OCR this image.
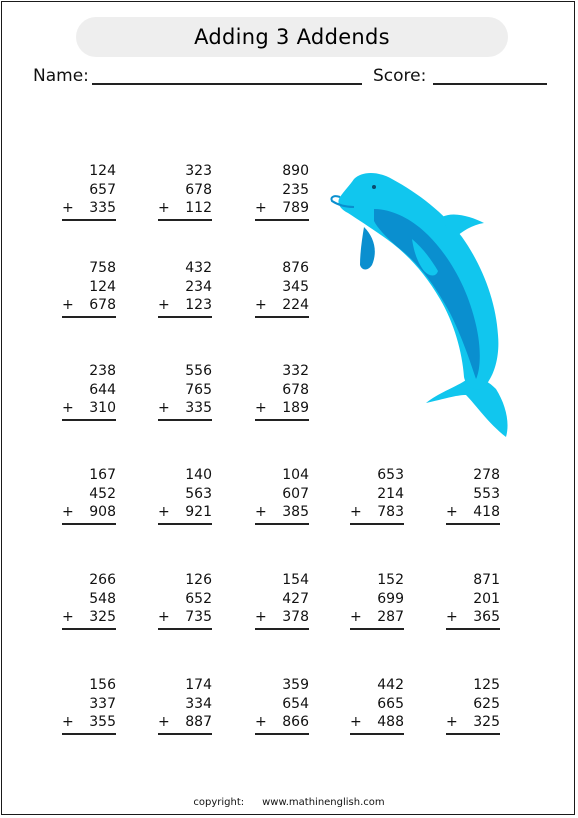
Adding 3 Addends
Name:	Score:
124
657
+ 335
323
678
+ 112
890
235
+ 789
758
124
+ 678
432
234
+ 123
876
345
+ 224
238
644
+ 310
556
765
+ 335
332
678
+ 189
167
452
+ 908
140
563
+ 921
104
607
+ 385
653
214
+ 783
278
553
+ 418
266
548
+ 325
126
652
+ 735
154
427
+ 378
152
699
+ 287
871
201
+ 365
156
337
+ 355
174
334
+ 887
359
654
+ 866
442
665
+ 488
125
625
+ 325
copyright: www.mathinenglish.com
